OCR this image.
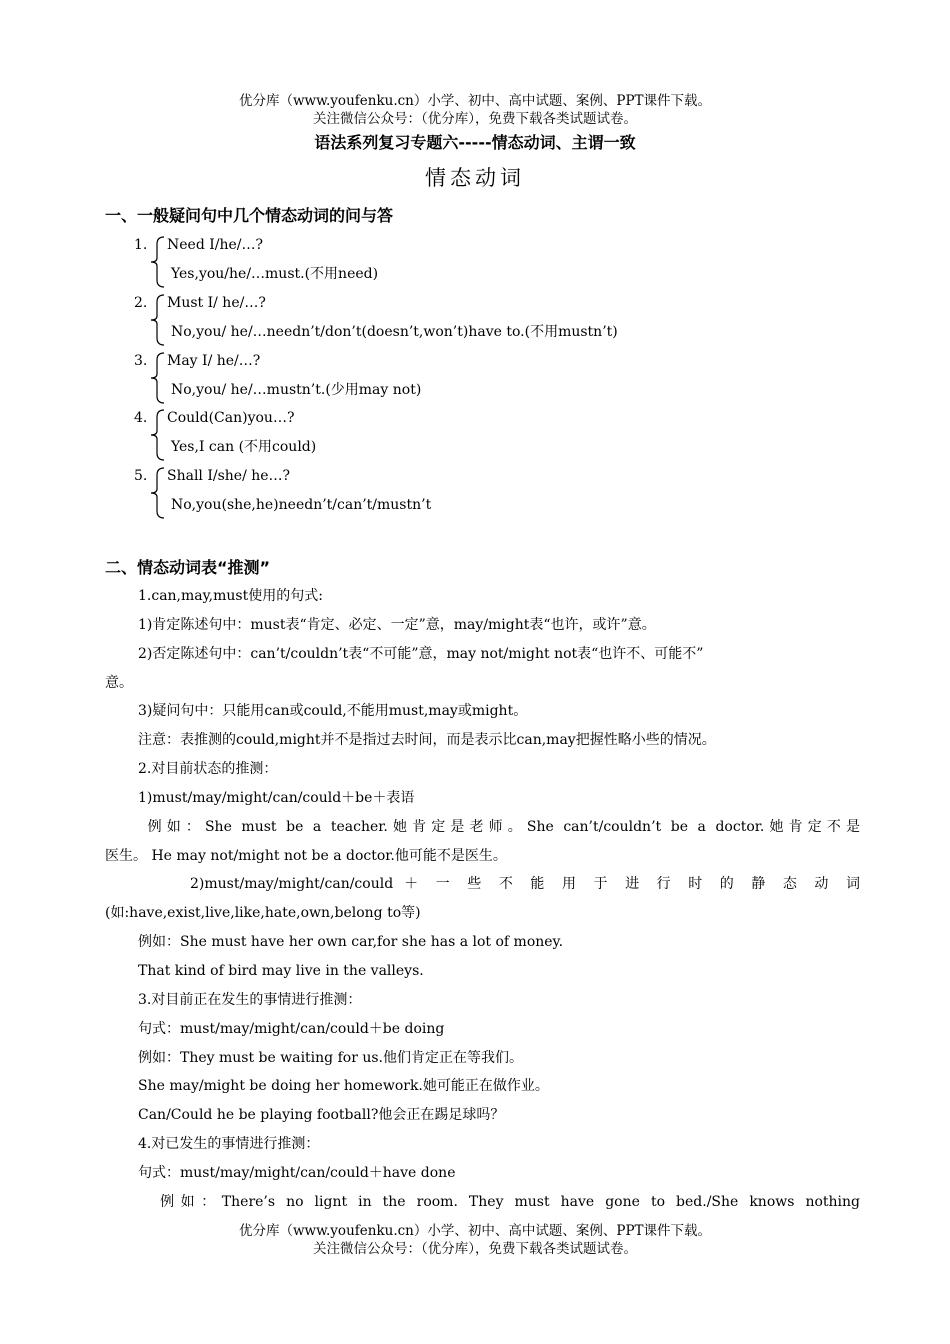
优分库（www.youfenku.cn）小学、初中、高中试题、案例、PPT课件下载。
关注微信公众号：（优分库），免费下载各类试题试卷。
语法系列复习专题六-----情态动词、主谓一致
情态动词
一、一般疑问句中几个情态动词的问与答
1. Need I/he/…?
Yes,you/he/…must.(不用need)
2. Must I/ he/…?
No,you/ he/…needn’t/don’t(doesn’t,won’t)have to.(不用mustn’t)
3. May I/ he/…?
No,you/ he/…mustn’t.(少用may not)
4. Could(Can)you…?
Yes,I can (不用could)
5. Shall I/she/ he…?
No,you(she,he)needn’t/can’t/mustn’t
二、情态动词表“推测”

1.can,may,must使用的句式:

1)肯定陈述句中：must表“肯定、必定、一定”意，may/might表“也许，或许”意。

2)否定陈述句中：can’t/couldn’t表“不可能”意，may not/might not表“也许不、可能不”

意。

3)疑问句中：只能用can或could,不能用must,may或might。

注意：表推测的could,might并不是指过去时间，而是表示比can,may把握性略小些的情况。

2.对目前状态的推测：

1)must/may/might/can/could＋be＋表语

例如：She must be a teacher.她肯定是老师。She can’t/couldn’t be a doctor.她肯定不是

医生。 He may not/might not be a doctor.他可能不是医生。

2)must/may/might/can/could ＋ 一 些 不 能 用 于 进 行 时 的 静 态 动 词

(如:have,exist,live,like,hate,own,belong to等)

例如：She must have her own car,for she has a lot of money.

That kind of bird may live in the valleys.

3.对目前正在发生的事情进行推测：

句式：must/may/might/can/could＋be doing

例如：They must be waiting for us.他们肯定正在等我们。

She may/might be doing her homework.她可能正在做作业。

Can/Could he be playing football?他会正在踢足球吗？

4.对已发生的事情进行推测：

句式：must/may/might/can/could＋have done

例如：There’s no lignt in the room. They must have gone to bed./She knows nothing

优分库（www.youfenku.cn）小学、初中、高中试题、案例、PPT课件下载。
关注微信公众号：（优分库），免费下载各类试题试卷。
